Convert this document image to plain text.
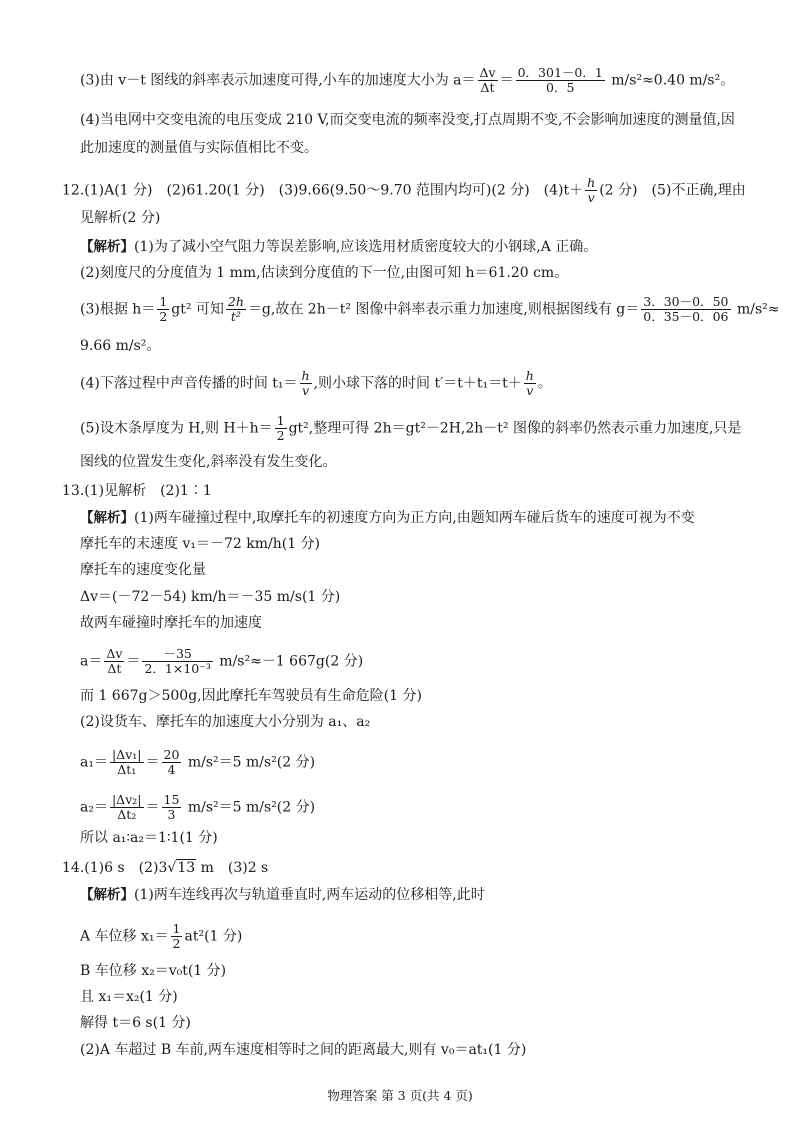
(3)由 v－t 图线的斜率表示加速度可得,小车的加速度大小为 $a= \frac{\Delta v}{\Delta t} = \frac{0.301-0.1}{0.5} m/s^2\approx 0.40$ m/s²。
(4)当电网中交变电流的电压变成 210 V,而交变电流的频率没变,打点周期不变,不会影响加速度的测量值,因
此加速度的测量值与实际值相比不变。
12.(1)A(1 分)　(2)61.20(1 分)　(3)9.66(9.50～9.70 范围内均可)(2 分)　$(4)t+ \frac{h}{v} (2$ 分)　(5)不正确,理由
见解析(2 分)
【解析】(1)为了减小空气阻力等误差影响,应该选用材质密度较大的小钢球,A 正确。
(2)刻度尺的分度值为 1 mm,估读到分度值的下一位,由图可知 h＝61.20 cm。
(3)根据 $h= \frac{1}{2} gt^2$ 可知 $\frac{2h}{\text{t²}} =g$,故在 2h－t² 图像中斜率表示重力加速度,则根据图线有 $g= \frac{3.30-0.50}{0.35-0.06} m/s^2\approx$
9.66 m/s²。
(4)下落过程中声音传播的时间 $t_1= \frac{h}{v}$ ,则小球下落的时间 $t'=t+t_1=t+ \frac{h}{v}$ 。
(5)设木条厚度为 H,则 $H+h= \frac{1}{2} gt^2$,整理可得 2h＝gt²－2H,2h－t² 图像的斜率仍然表示重力加速度,只是
图线的位置发生变化,斜率没有发生变化。
13.(1)见解析　(2)1∶1
【解析】(1)两车碰撞过程中,取摩托车的初速度方向为正方向,由题知两车碰后货车的速度可视为不变
摩托车的末速度 v₁＝－72 km/h(1 分)
摩托车的速度变化量
Δv＝(－72－54) km/h＝－35 m/s(1 分)
故两车碰撞时摩托车的加速度
$a= \frac{\Delta v}{\Delta t} = \frac{-35}{\text{2．1×10⁻³}} m/s^2\approx-1$ 667g(2 分)
而 1 667g＞500g,因此摩托车驾驶员有生命危险(1 分)
(2)设货车、摩托车的加速度大小分别为 a₁、a₂
$a_1= \frac{\text{|Δv₁|}}{\text{Δt₁}} = \frac{20}{4} m/s^2=5$ m/s²(2 分)
$a_2= \frac{\text{|Δv₂|}}{\text{Δt₂}} = \frac{15}{3} m/s^2=5$ m/s²(2 分)
所以 a₁∶a₂＝1∶1(1 分)
14.(1)6 s　(2)3√13 m　(3)2 s
【解析】(1)两车连线再次与轨道垂直时,两车运动的位移相等,此时
A 车位移 $x_1= \frac{1}{2} at^2(1$ 分)
B 车位移 x₂＝v₀t(1 分)
且 x₁＝x₂(1 分)
解得 t＝6 s(1 分)
(2)A 车超过 B 车前,两车速度相等时之间的距离最大,则有 v₀＝at₁(1 分)
物理答案 第 3 页(共 4 页)
